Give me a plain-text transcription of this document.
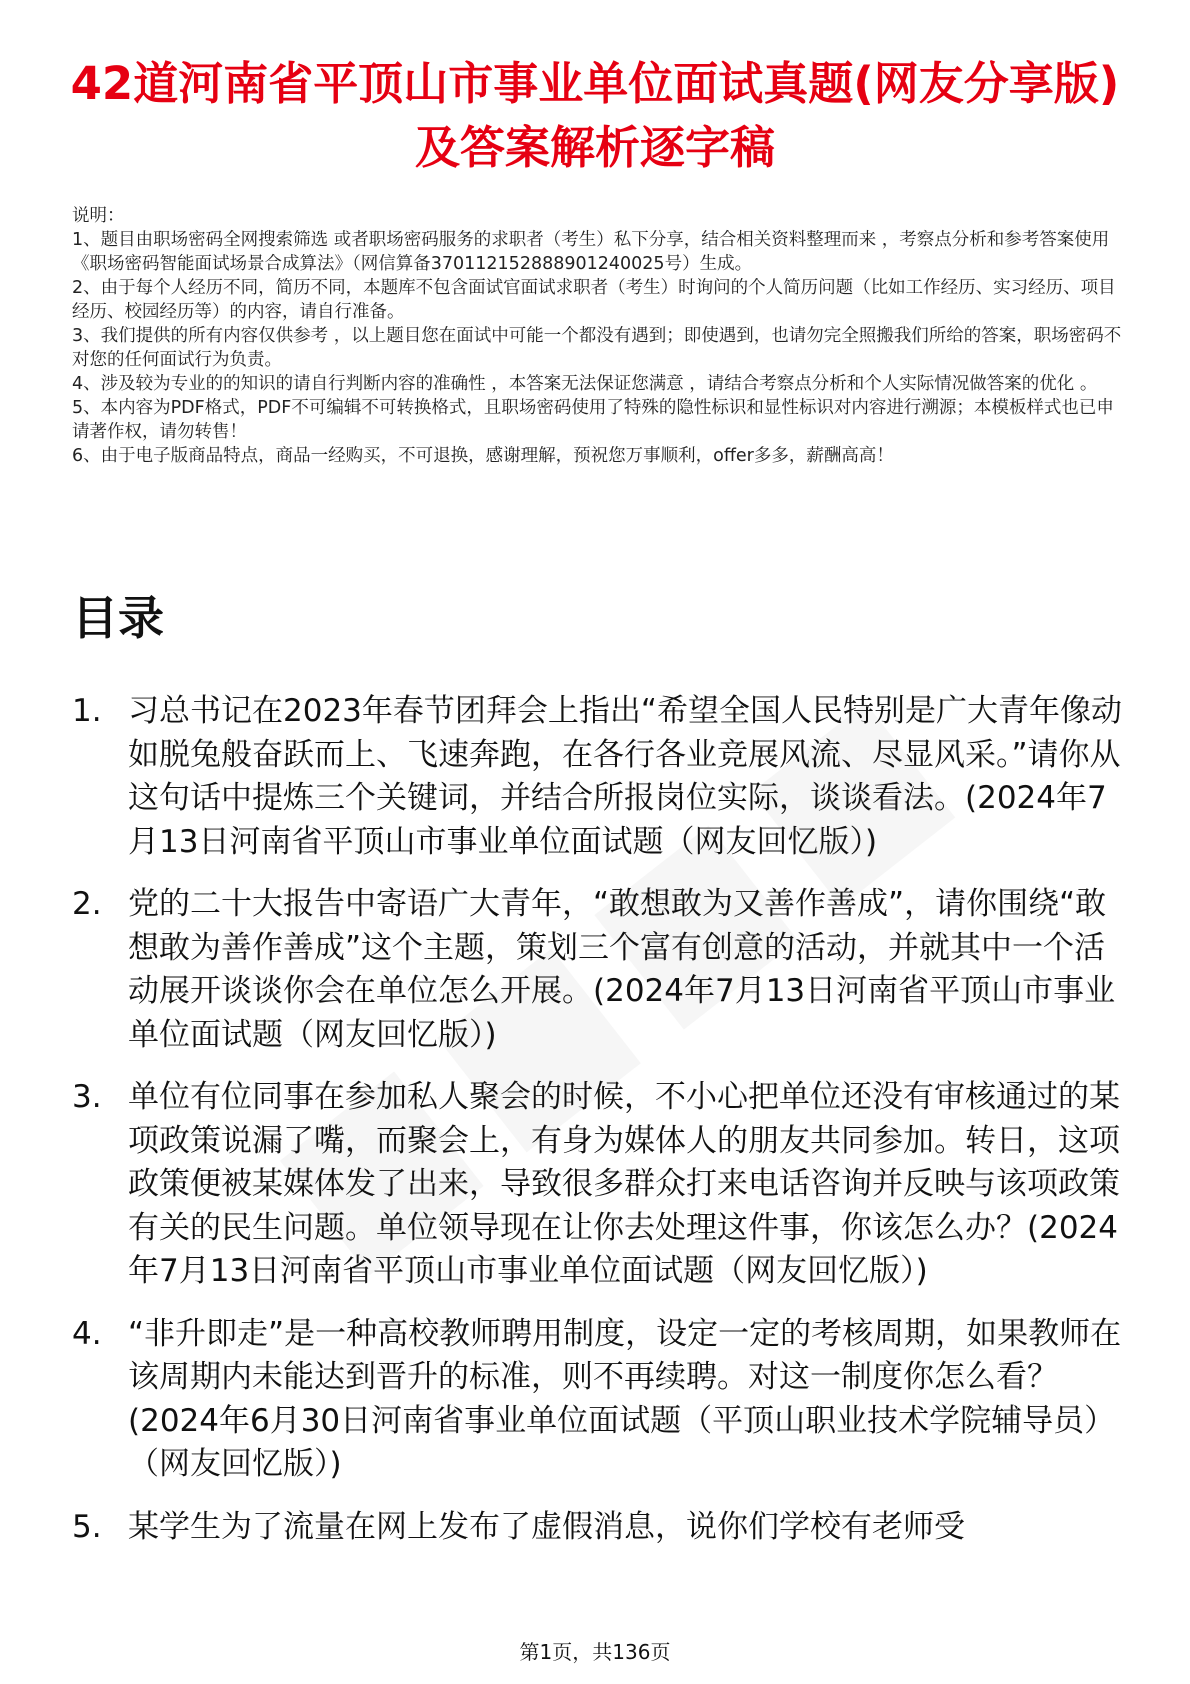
42道河南省平顶山市事业单位面试真题(网友分享版)及答案解析逐字稿
说明：
1、题目由职场密码全网搜索筛选 或者职场密码服务的求职者（考生）私下分享，结合相关资料整理而来 ，考察点分析和参考答案使用《职场密码智能面试场景合成算法》（网信算备370112152888901240025号）生成。
2、由于每个人经历不同，简历不同，本题库不包含面试官面试求职者（考生）时询问的个人简历问题（比如工作经历、实习经历、项目经历、校园经历等）的内容，请自行准备。
3、我们提供的所有内容仅供参考 ，以上题目您在面试中可能一个都没有遇到；即使遇到，也请勿完全照搬我们所给的答案，职场密码不对您的任何面试行为负责。
4、涉及较为专业的的知识的请自行判断内容的准确性 ，本答案无法保证您满意 ，请结合考察点分析和个人实际情况做答案的优化 。
5、本内容为PDF格式，PDF不可编辑不可转换格式，且职场密码使用了特殊的隐性标识和显性标识对内容进行溯源；本模板样式也已申请著作权，请勿转售！
6、由于电子版商品特点，商品一经购买，不可退换，感谢理解，预祝您万事顺利，offer多多，薪酬高高！
目录
1. 习总书记在2023年春节团拜会上指出“希望全国人民特别是广大青年像动如脱兔般奋跃而上、飞速奔跑，在各行各业竞展风流、尽显风采。”请你从这句话中提炼三个关键词，并结合所报岗位实际，谈谈看法。(2024年7月13日河南省平顶山市事业单位面试题（网友回忆版）)
2. 党的二十大报告中寄语广大青年，“敢想敢为又善作善成”，请你围绕“敢想敢为善作善成”这个主题，策划三个富有创意的活动，并就其中一个活动展开谈谈你会在单位怎么开展。(2024年7月13日河南省平顶山市事业单位面试题（网友回忆版）)
3. 单位有位同事在参加私人聚会的时候，不小心把单位还没有审核通过的某项政策说漏了嘴，而聚会上，有身为媒体人的朋友共同参加。转日，这项政策便被某媒体发了出来，导致很多群众打来电话咨询并反映与该项政策有关的民生问题。单位领导现在让你去处理这件事，你该怎么办？(2024年7月13日河南省平顶山市事业单位面试题（网友回忆版）)
4. “非升即走”是一种高校教师聘用制度，设定一定的考核周期，如果教师在该周期内未能达到晋升的标准，则不再续聘。对这一制度你怎么看？(2024年6月30日河南省事业单位面试题（平顶山职业技术学院辅导员）（网友回忆版）)
5. 某学生为了流量在网上发布了虚假消息，说你们学校有老师受
第1页，共136页
